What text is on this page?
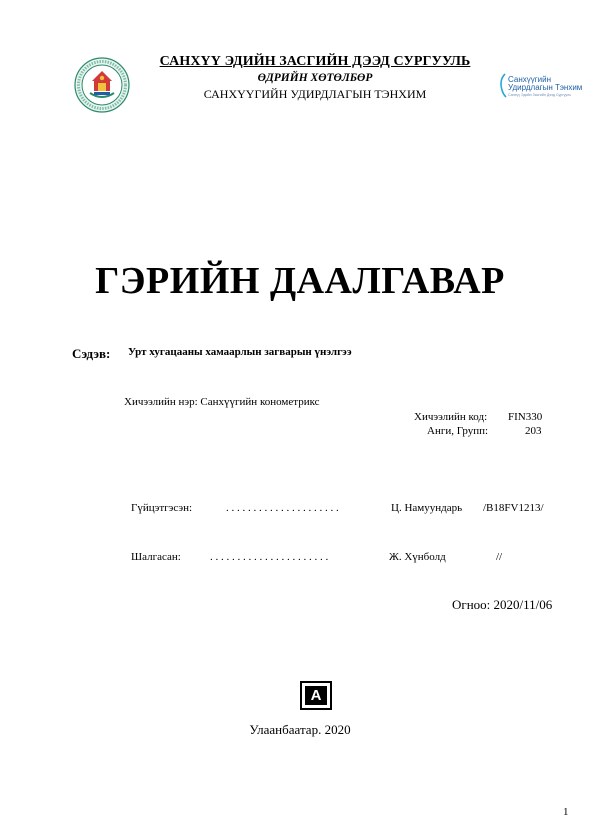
Санхүүгийн
Удирдлагын Тэнхим
Санхүү Эдийн Засгийн Дээд Сургууль
САНХҮҮ ЭДИЙН ЗАСГИЙН ДЭЭД СУРГУУЛЬ
ӨДРИЙН ХӨТӨЛБӨР
САНХҮҮГИЙН УДИРДЛАГЫН ТЭНХИМ
ГЭРИЙН ДААЛГАВАР
Сэдэв: Урт хугацааны хамаарлын загварын үнэлгээ
Хичээлийн нэр: Санхүүгийн конометрикс
Хичээлийн код: FIN330
Анги, Групп:	203
Гүйцэтгэсэн:	. . . . . . . . . . . . . . . . . . . . .	Ц. Намуундарь /B18FV1213/
Шалгасан:	. . . . . . . . . . . . . . . . . . . . . .	Ж. Хүнболд	//
Огноо: 2020/11/06
A
Улаанбаатар. 2020
1
